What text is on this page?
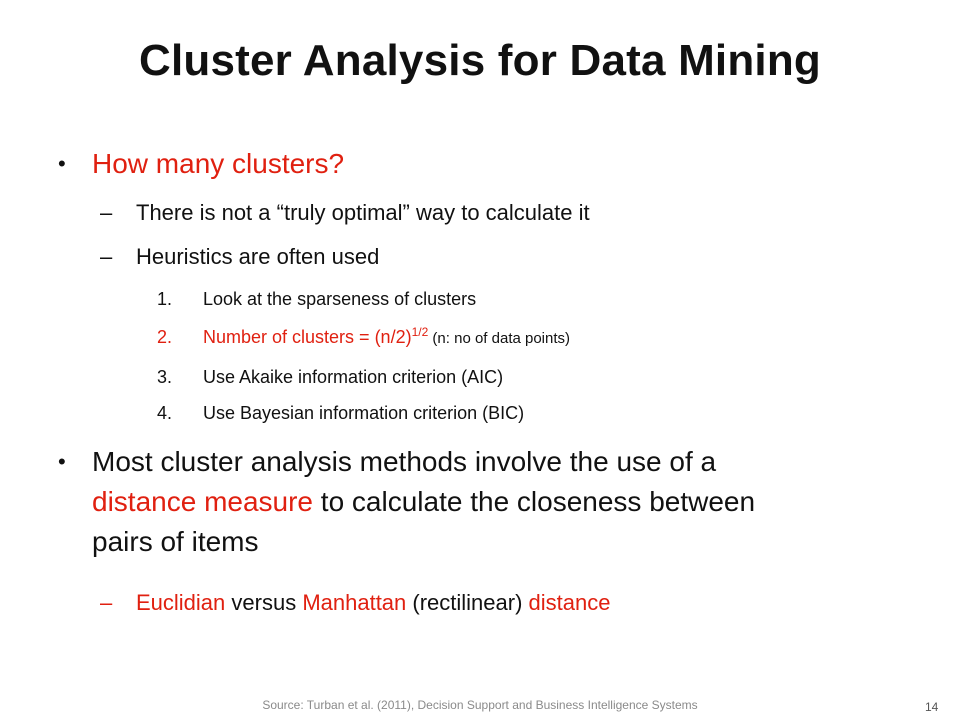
Cluster Analysis for Data Mining
• How many clusters?
– There is not a “truly optimal” way to calculate it
– Heuristics are often used
1. Look at the sparseness of clusters
2. Number of clusters = $(n/2)^{1/2}$ (n: no of data points)
3. Use Akaike information criterion (AIC)
4. Use Bayesian information criterion (BIC)
• Most cluster analysis methods involve the use of a
distance measure to calculate the closeness between
pairs of items
– Euclidian versus Manhattan (rectilinear) distance
Source: Turban et al. (2011), Decision Support and Business Intelligence Systems	14
